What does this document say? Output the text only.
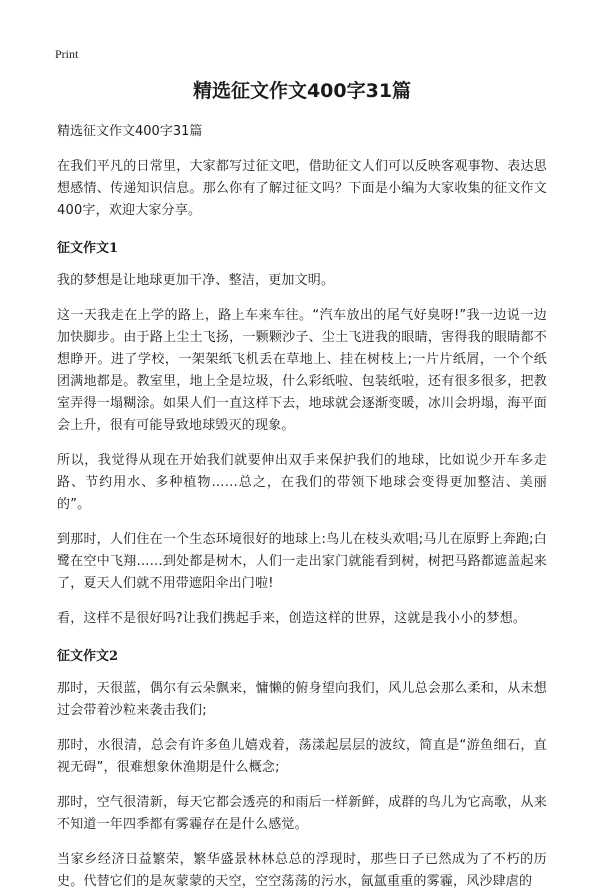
Print
精选征文作文400字31篇

精选征文作文400字31篇

在我们平凡的日常里，大家都写过征文吧，借助征文人们可以反映客观事物、表达思想感情、传递知识信息。那么你有了解过征文吗？下面是小编为大家收集的征文作文400字，欢迎大家分享。

征文作文1

我的梦想是让地球更加干净、整洁，更加文明。

这一天我走在上学的路上，路上车来车往。“汽车放出的尾气好臭呀!”我一边说一边加快脚步。由于路上尘土飞扬，一颗颗沙子、尘土飞进我的眼睛，害得我的眼睛都不想睁开。进了学校，一架架纸飞机丢在草地上、挂在树枝上;一片片纸屑，一个个纸团满地都是。教室里，地上全是垃圾，什么彩纸啦、包装纸啦，还有很多很多，把教室弄得一塌糊涂。如果人们一直这样下去，地球就会逐渐变暖，冰川会坍塌，海平面会上升，很有可能导致地球毁灭的现象。

所以，我觉得从现在开始我们就要伸出双手来保护我们的地球，比如说少开车多走路、节约用水、多种植物……总之，在我们的带领下地球会变得更加整洁、美丽的”。

到那时，人们住在一个生态环境很好的地球上:鸟儿在枝头欢唱;马儿在原野上奔跑;白鹭在空中飞翔……到处都是树木，人们一走出家门就能看到树，树把马路都遮盖起来了，夏天人们就不用带遮阳伞出门啦!

看，这样不是很好吗?让我们携起手来，创造这样的世界，这就是我小小的梦想。

征文作文2

那时，天很蓝，偶尔有云朵飘来，慵懒的俯身望向我们，风儿总会那么柔和，从未想过会带着沙粒来袭击我们;

那时，水很清，总会有许多鱼儿嬉戏着，荡漾起层层的波纹，简直是“游鱼细石，直视无碍”，很难想象休渔期是什么概念;

那时，空气很清新，每天它都会透亮的和雨后一样新鲜，成群的鸟儿为它高歌，从来不知道一年四季都有雾霾存在是什么感觉。

当家乡经济日益繁荣，繁华盛景林林总总的浮现时，那些日子已然成为了不朽的历史。代替它们的是灰蒙蒙的天空，空空荡荡的污水，氤氲重重的雾霾，风沙肆虐的
